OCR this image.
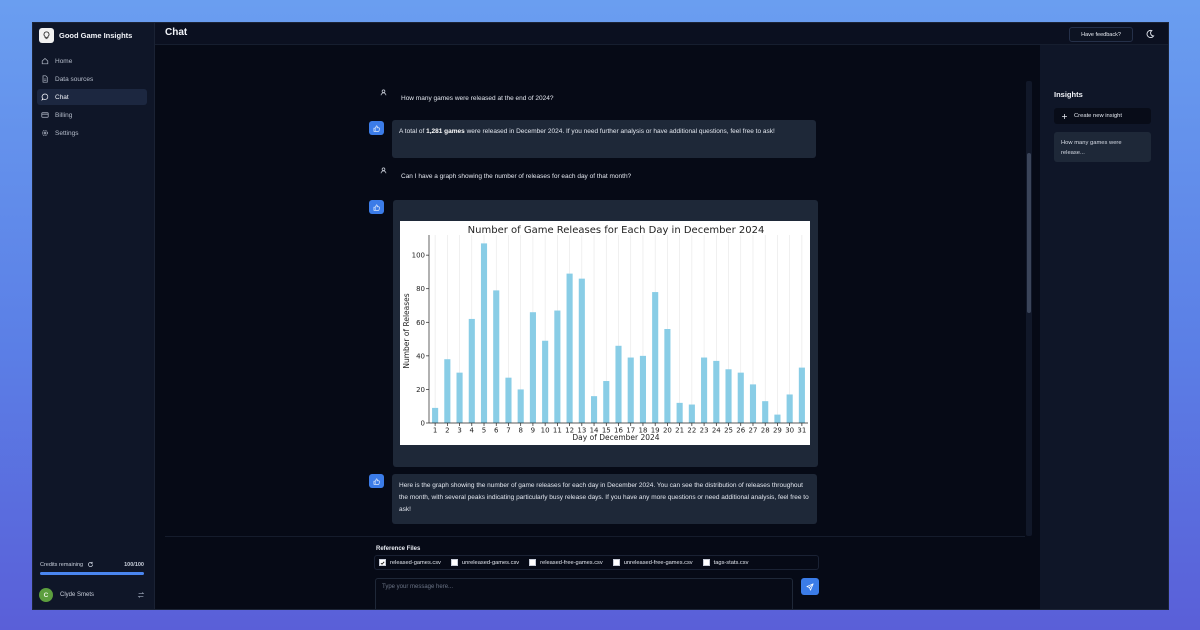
Good Game Insights
Home
Data sources
Chat
Billing
Settings
Credits remaining	100/100
C	Clyde Smets
Chat	Have feedback?
How many games were released at the end of 2024?
A total of 1,281 games were released in December 2024. If you need further analysis or have additional questions, feel free to ask!
Can I have a graph showing the number of releases for each day of that month?
Number of Game Releases for Each Day in December 2024
Day of December 2024
Number of Releases
0
20
40
60
80
100
1 2 3 4 5 6 7 8 9 10 11 12 13 14 15 16 17 18 19 20 21 22 23 24 25 26 27 28 29 30 31
Here is the graph showing the number of game releases for each day in December 2024. You can see the distribution of releases throughout the month, with several peaks indicating particularly busy release days. If you have any more questions or need additional analysis, feel free to ask!
Reference Files
released-games.csv	unreleased-games.csv	released-free-games.csv	unreleased-free-games.csv	tags-stats.csv
Type your message here...
Insights
Create new insight
How many games were release...
